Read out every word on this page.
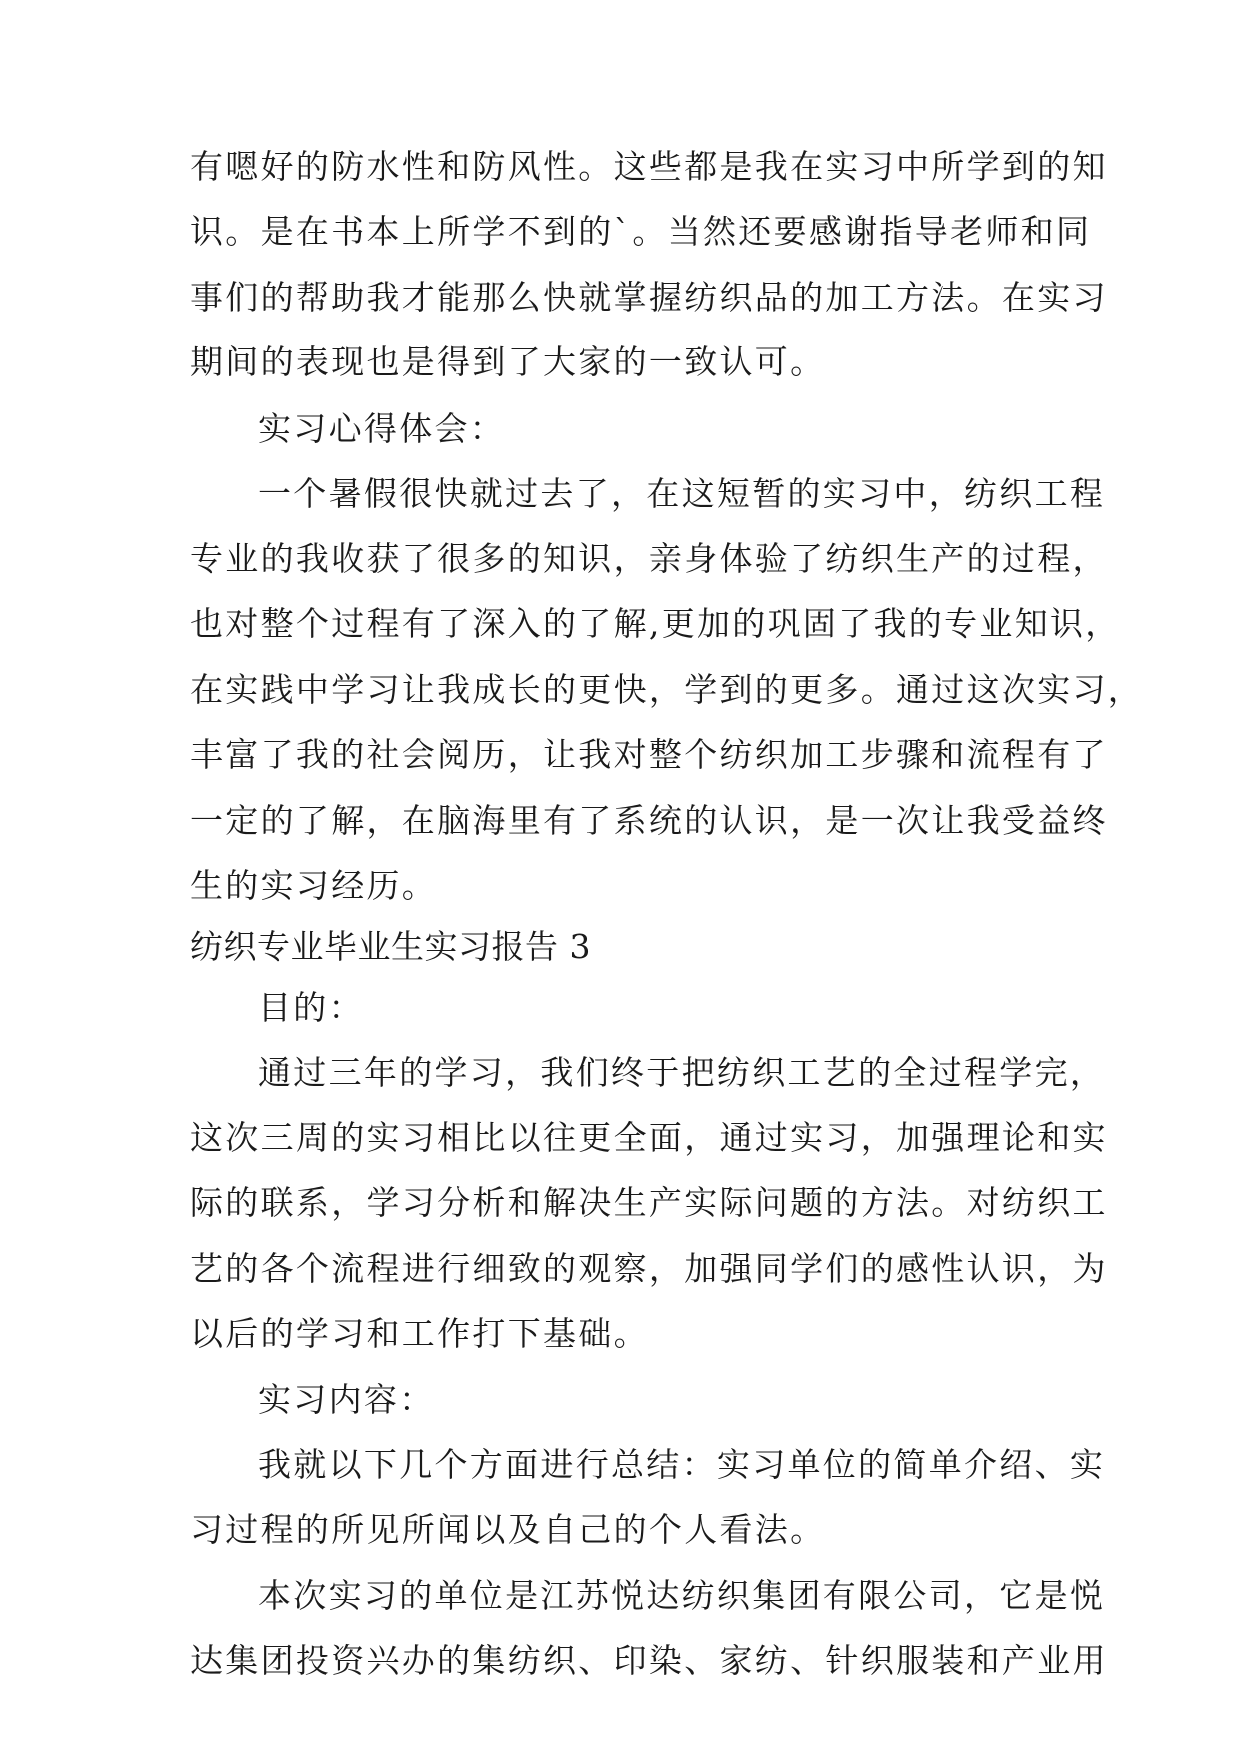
有嗯好的防水性和防风性。这些都是我在实习中所学到的知
识。是在书本上所学不到的`。当然还要感谢指导老师和同
事们的帮助我才能那么快就掌握纺织品的加工方法。在实习
期间的表现也是得到了大家的一致认可。
实习心得体会：
一个暑假很快就过去了，在这短暂的实习中，纺织工程
专业的我收获了很多的知识，亲身体验了纺织生产的过程，
也对整个过程有了深入的了解,更加的巩固了我的专业知识，
在实践中学习让我成长的更快，学到的更多。通过这次实习，
丰富了我的社会阅历，让我对整个纺织加工步骤和流程有了
一定的了解，在脑海里有了系统的认识，是一次让我受益终
生的实习经历。
纺织专业毕业生实习报告 3
目的：
通过三年的学习，我们终于把纺织工艺的全过程学完，
这次三周的实习相比以往更全面，通过实习，加强理论和实
际的联系，学习分析和解决生产实际问题的方法。对纺织工
艺的各个流程进行细致的观察，加强同学们的感性认识，为
以后的学习和工作打下基础。
实习内容：
我就以下几个方面进行总结：实习单位的简单介绍、实
习过程的所见所闻以及自己的个人看法。
本次实习的单位是江苏悦达纺织集团有限公司，它是悦
达集团投资兴办的集纺织、印染、家纺、针织服装和产业用
